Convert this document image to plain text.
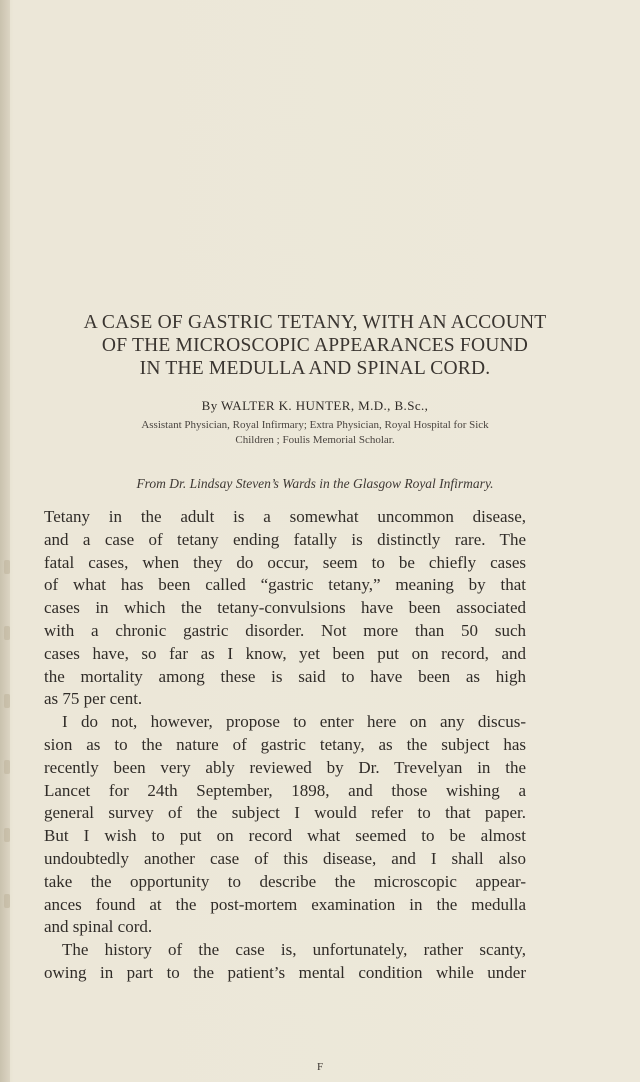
A CASE OF GASTRIC TETANY, WITH AN ACCOUNT
OF THE MICROSCOPIC APPEARANCES FOUND
IN THE MEDULLA AND SPINAL CORD.
By WALTER K. HUNTER, M.D., B.Sc.,
Assistant Physician, Royal Infirmary; Extra Physician, Royal Hospital for Sick
Children ; Foulis Memorial Scholar.
From Dr. Lindsay Steven’s Wards in the Glasgow Royal Infirmary.
Tetany in the adult is a somewhat uncommon disease,
and a case of tetany ending fatally is distinctly rare. The
fatal cases, when they do occur, seem to be chiefly cases
of what has been called “gastric tetany,” meaning by that
cases in which the tetany-convulsions have been associated
with a chronic gastric disorder. Not more than 50 such
cases have, so far as I know, yet been put on record, and
the mortality among these is said to have been as high
as 75 per cent.
I do not, however, propose to enter here on any discus-
sion as to the nature of gastric tetany, as the subject has
recently been very ably reviewed by Dr. Trevelyan in the
Lancet for 24th September, 1898, and those wishing a
general survey of the subject I would refer to that paper.
But I wish to put on record what seemed to be almost
undoubtedly another case of this disease, and I shall also
take the opportunity to describe the microscopic appear-
ances found at the post-mortem examination in the medulla
and spinal cord.
The history of the case is, unfortunately, rather scanty,
owing in part to the patient’s mental condition while under
F
